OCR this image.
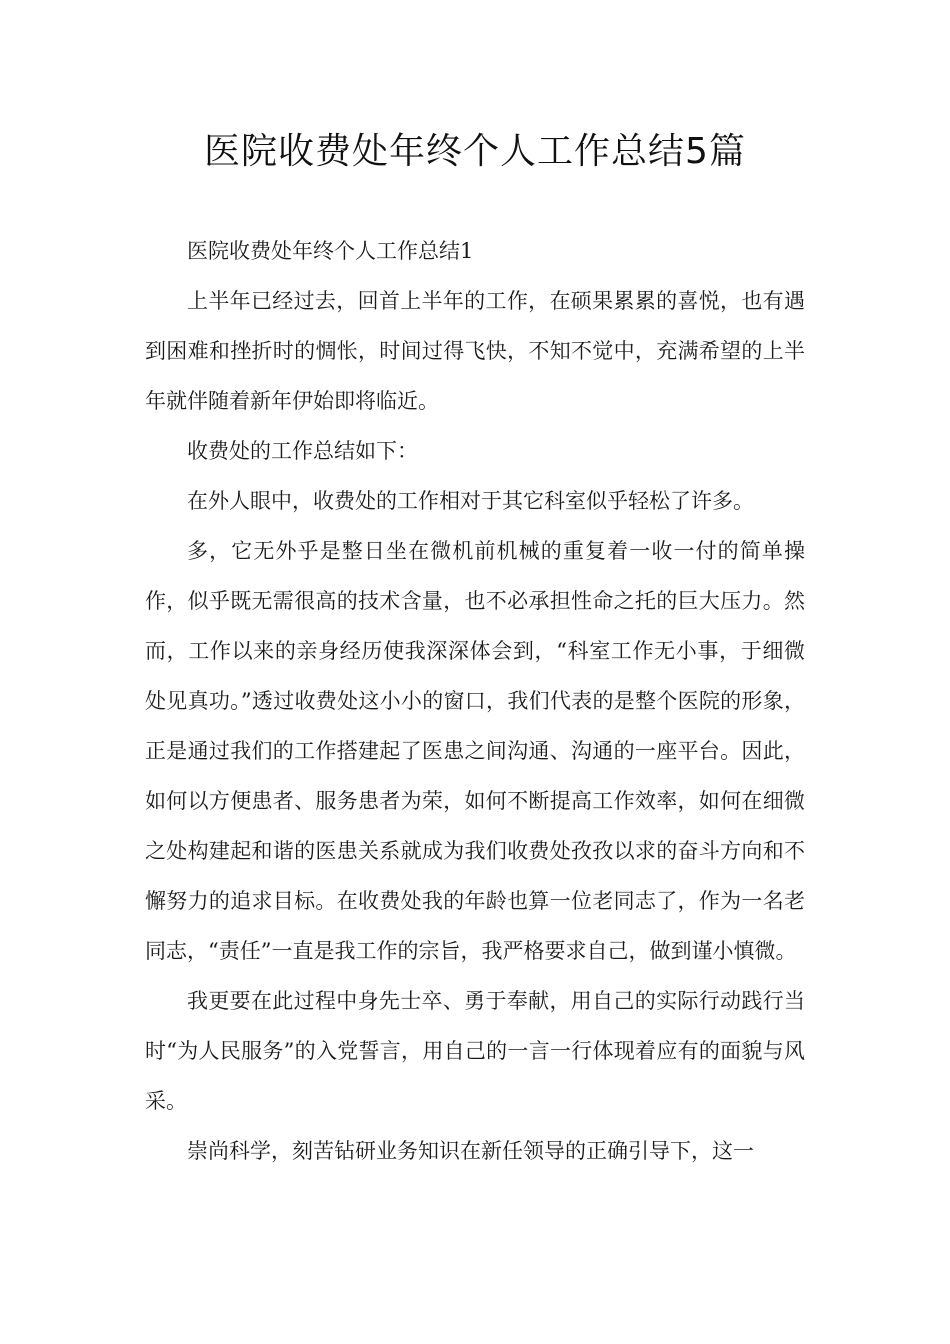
医院收费处年终个人工作总结5篇

医院收费处年终个人工作总结1

上半年已经过去，回首上半年的工作，在硕果累累的喜悦，也有遇到困难和挫折时的惆怅，时间过得飞快，不知不觉中，充满希望的上半年就伴随着新年伊始即将临近。

收费处的工作总结如下：

在外人眼中，收费处的工作相对于其它科室似乎轻松了许多。

多，它无外乎是整日坐在微机前机械的重复着一收一付的简单操作，似乎既无需很高的技术含量，也不必承担性命之托的巨大压力。然而，工作以来的亲身经历使我深深体会到，“科室工作无小事，于细微处见真功。”透过收费处这小小的窗口，我们代表的是整个医院的形象，正是通过我们的工作搭建起了医患之间沟通、沟通的一座平台。因此，如何以方便患者、服务患者为荣，如何不断提高工作效率，如何在细微之处构建起和谐的医患关系就成为我们收费处孜孜以求的奋斗方向和不懈努力的追求目标。在收费处我的年龄也算一位老同志了，作为一名老同志，“责任”一直是我工作的宗旨，我严格要求自己，做到谨小慎微。

我更要在此过程中身先士卒、勇于奉献，用自己的实际行动践行当时“为人民服务”的入党誓言，用自己的一言一行体现着应有的面貌与风采。

崇尚科学，刻苦钻研业务知识在新任领导的正确引导下，这一
